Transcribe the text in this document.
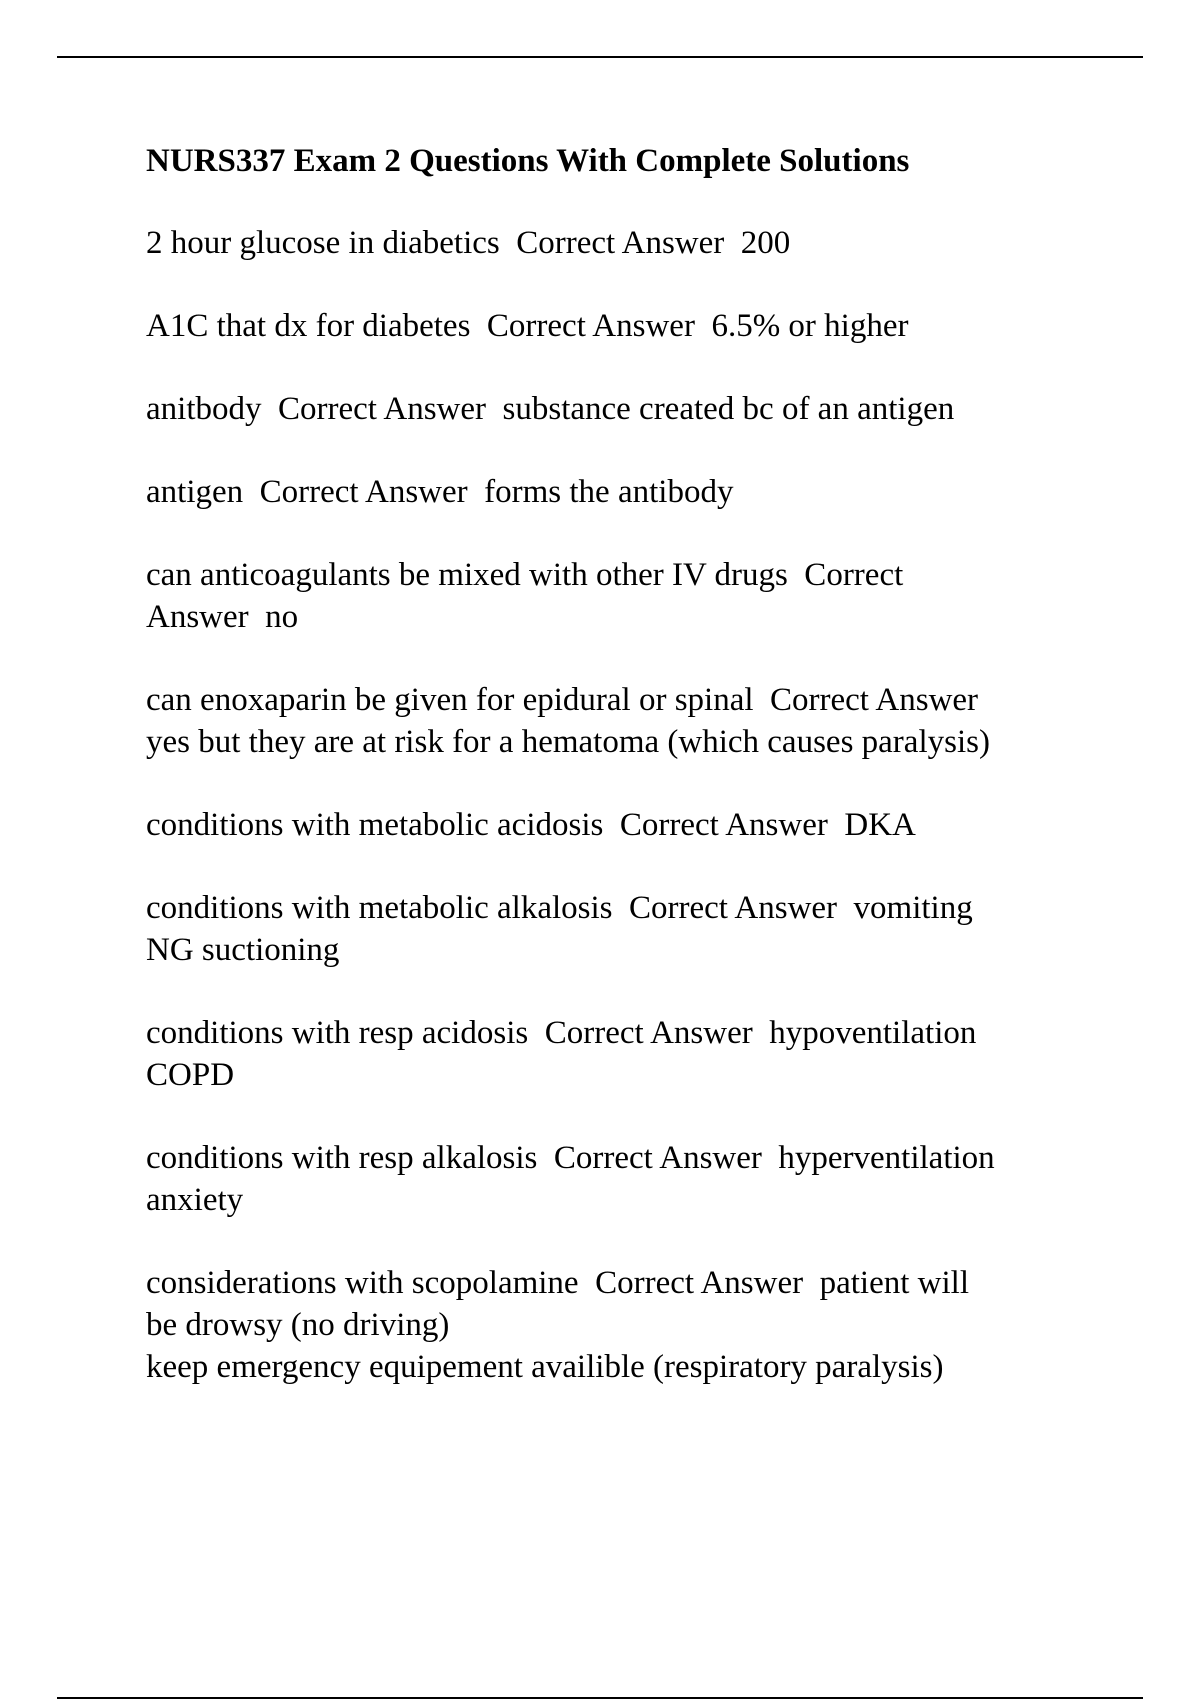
NURS337 Exam 2 Questions With Complete Solutions

2 hour glucose in diabetics  Correct Answer  200

A1C that dx for diabetes  Correct Answer  6.5% or higher

anitbody  Correct Answer  substance created bc of an antigen

antigen  Correct Answer  forms the antibody

can anticoagulants be mixed with other IV drugs  Correct
Answer  no

can enoxaparin be given for epidural or spinal  Correct Answer
yes but they are at risk for a hematoma (which causes paralysis)

conditions with metabolic acidosis  Correct Answer  DKA

conditions with metabolic alkalosis  Correct Answer  vomiting
NG suctioning

conditions with resp acidosis  Correct Answer  hypoventilation
COPD

conditions with resp alkalosis  Correct Answer  hyperventilation
anxiety

considerations with scopolamine  Correct Answer  patient will
be drowsy (no driving)
keep emergency equipement availible (respiratory paralysis)
